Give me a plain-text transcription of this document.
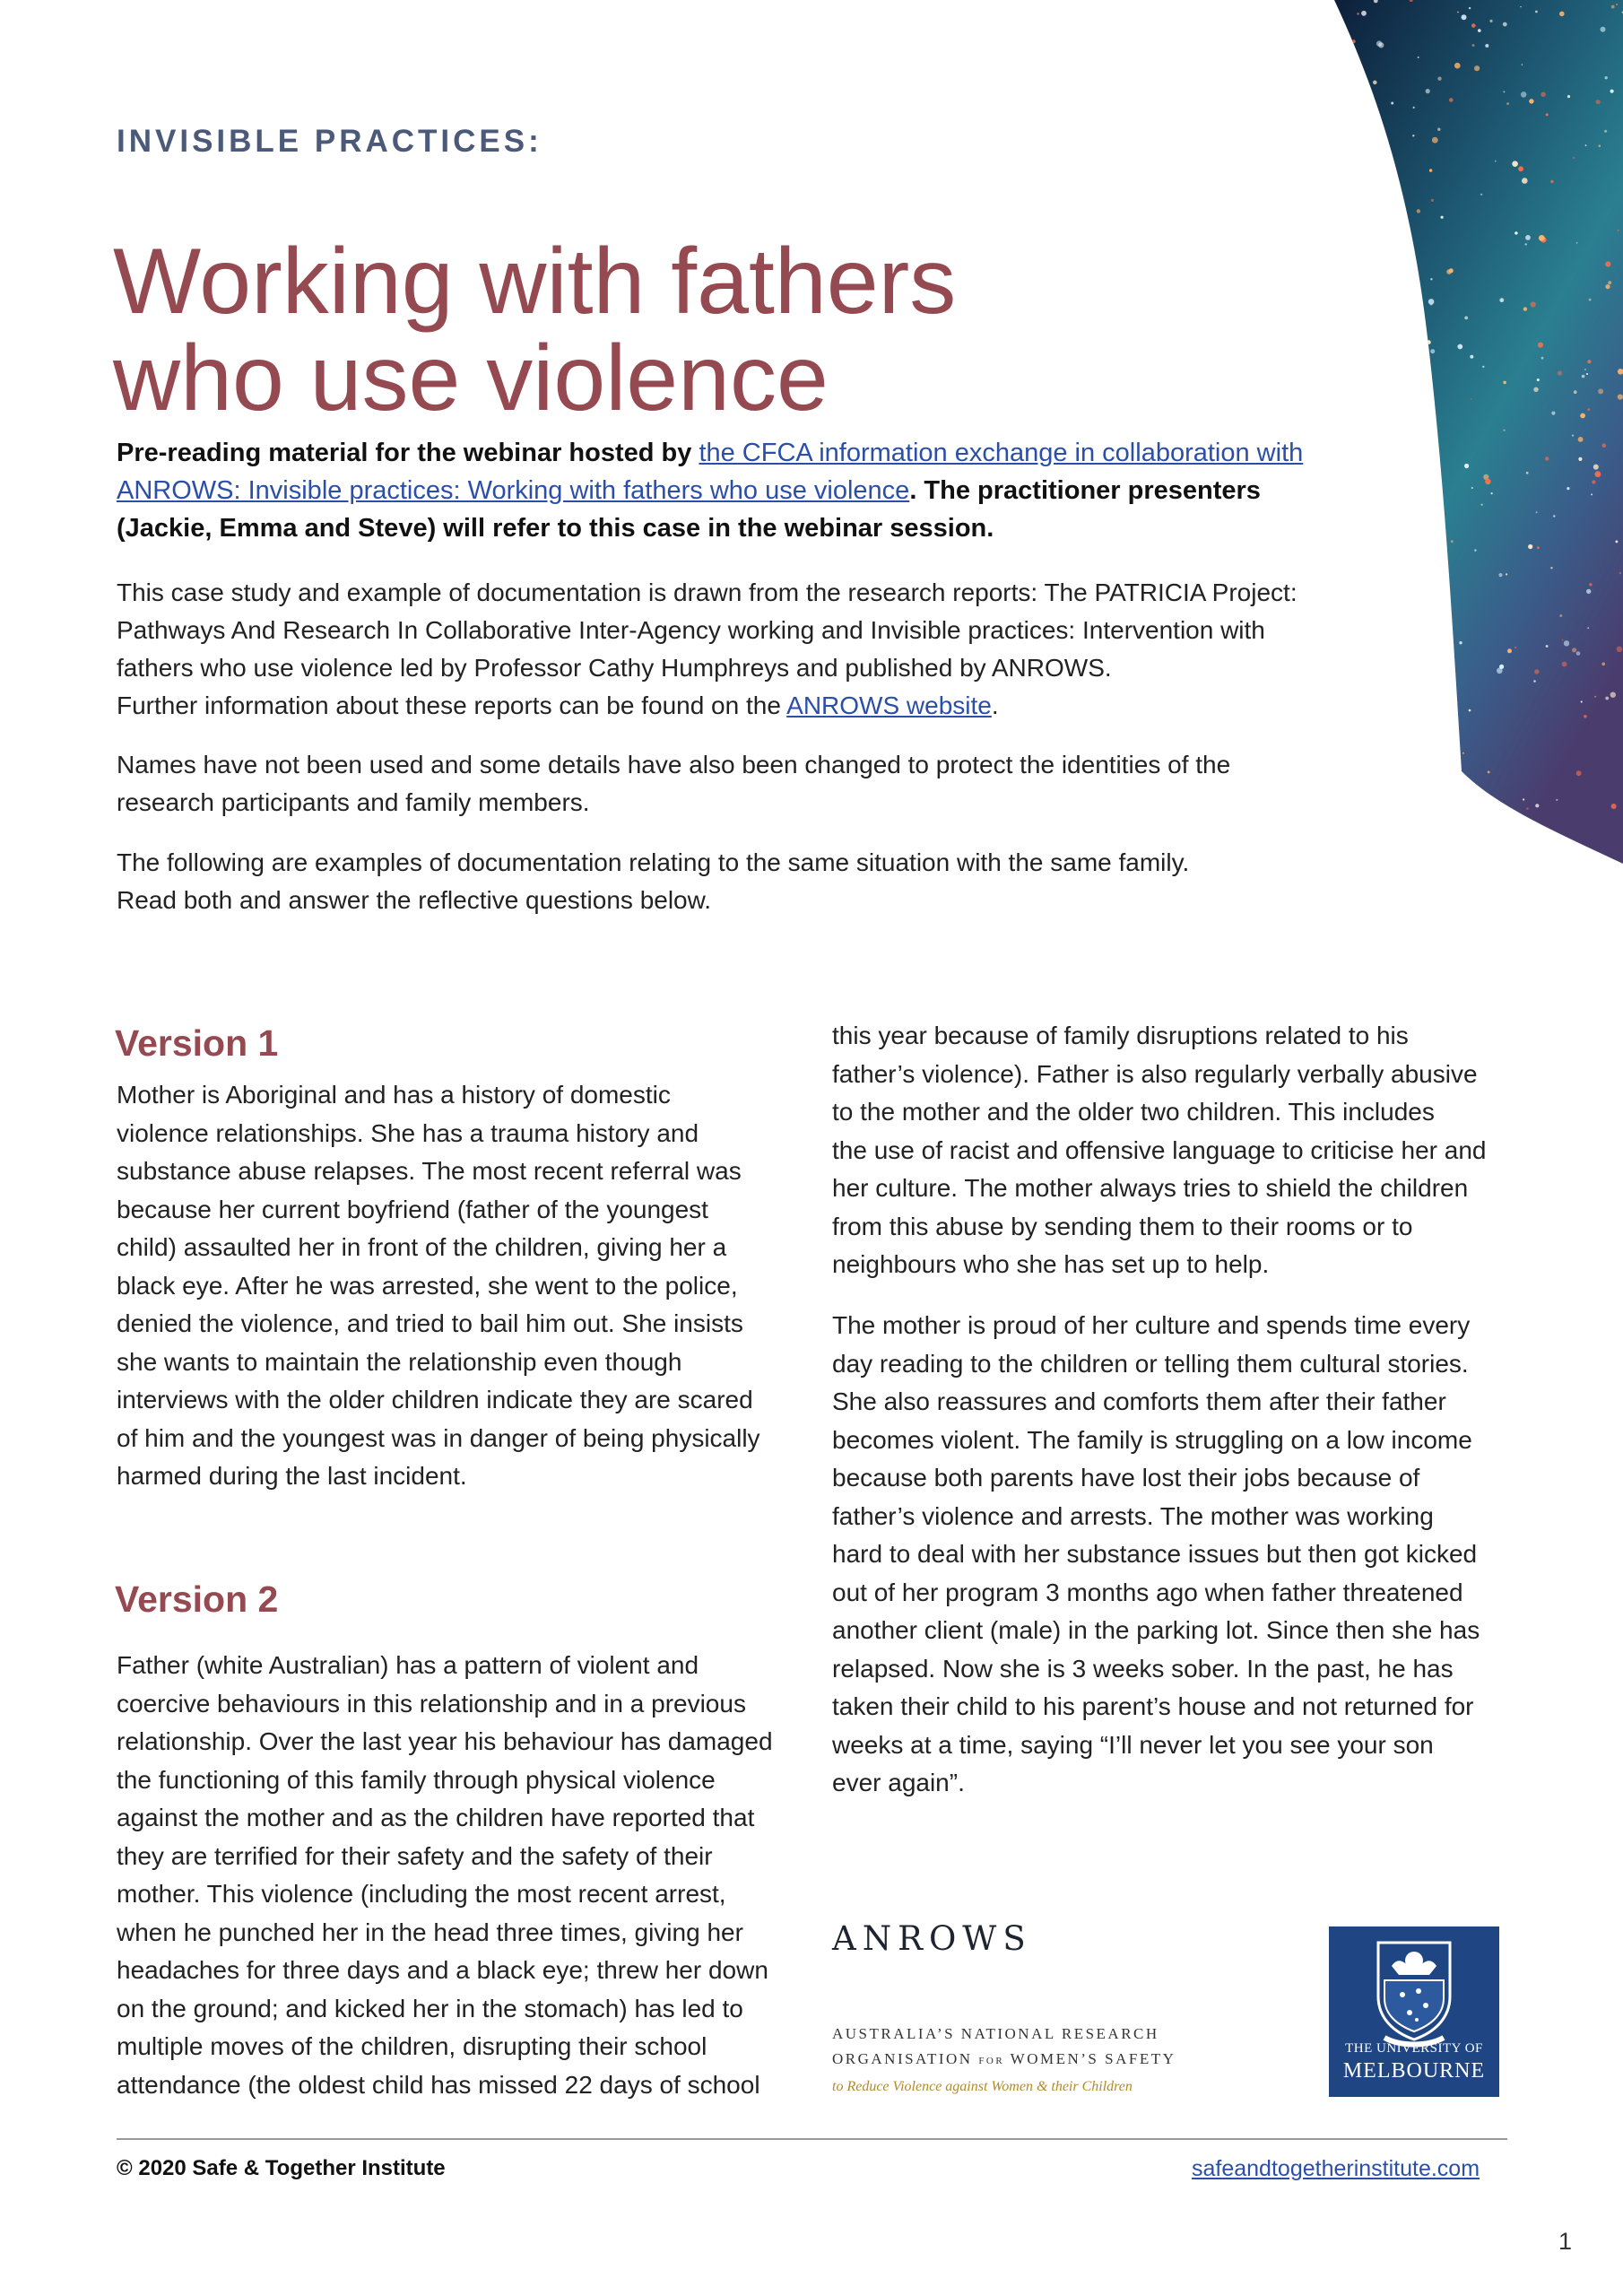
INVISIBLE PRACTICES:
Working with fathers
who use violence
Pre-reading material for the webinar hosted by the CFCA information exchange in collaboration with
ANROWS: Invisible practices: Working with fathers who use violence. The practitioner presenters
(Jackie, Emma and Steve) will refer to this case in the webinar session.
This case study and example of documentation is drawn from the research reports: The PATRICIA Project:
Pathways And Research In Collaborative Inter-Agency working and Invisible practices: Intervention with
fathers who use violence led by Professor Cathy Humphreys and published by ANROWS.
Further information about these reports can be found on the ANROWS website.
Names have not been used and some details have also been changed to protect the identities of the
research participants and family members.
The following are examples of documentation relating to the same situation with the same family.
Read both and answer the reflective questions below.
Version 1
Mother is Aboriginal and has a history of domestic
violence relationships. She has a trauma history and
substance abuse relapses. The most recent referral was
because her current boyfriend (father of the youngest
child) assaulted her in front of the children, giving her a
black eye. After he was arrested, she went to the police,
denied the violence, and tried to bail him out. She insists
she wants to maintain the relationship even though
interviews with the older children indicate they are scared
of him and the youngest was in danger of being physically
harmed during the last incident.
Version 2
Father (white Australian) has a pattern of violent and
coercive behaviours in this relationship and in a previous
relationship. Over the last year his behaviour has damaged
the functioning of this family through physical violence
against the mother and as the children have reported that
they are terrified for their safety and the safety of their
mother. This violence (including the most recent arrest,
when he punched her in the head three times, giving her
headaches for three days and a black eye; threw her down
on the ground; and kicked her in the stomach) has led to
multiple moves of the children, disrupting their school
attendance (the oldest child has missed 22 days of school
this year because of family disruptions related to his
father’s violence). Father is also regularly verbally abusive
to the mother and the older two children. This includes
the use of racist and offensive language to criticise her and
her culture. The mother always tries to shield the children
from this abuse by sending them to their rooms or to
neighbours who she has set up to help.
The mother is proud of her culture and spends time every
day reading to the children or telling them cultural stories.
She also reassures and comforts them after their father
becomes violent. The family is struggling on a low income
because both parents have lost their jobs because of
father’s violence and arrests. The mother was working
hard to deal with her substance issues but then got kicked
out of her program 3 months ago when father threatened
another client (male) in the parking lot. Since then she has
relapsed. Now she is 3 weeks sober. In the past, he has
taken their child to his parent’s house and not returned for
weeks at a time, saying “I’ll never let you see your son
ever again”.
ANROWS
AUSTRALIA’S NATIONAL RESEARCH
ORGANISATION FOR WOMEN’S SAFETY
to Reduce Violence against Women & their Children
THE UNIVERSITY OF
MELBOURNE
© 2020 Safe & Together Institute	safeandtogetherinstitute.com
1
